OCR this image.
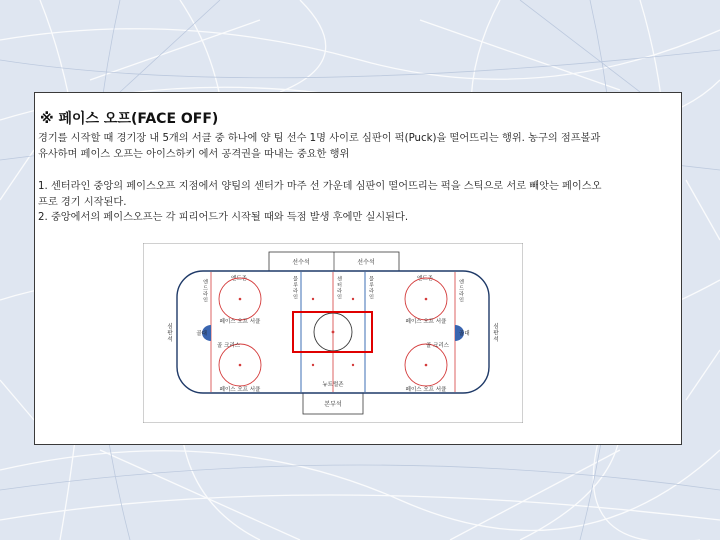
※ 페이스 오프(FACE OFF)

경기를 시작할 때 경기장 내 5개의 서클 중 하나에 양 팀 선수 1명 사이로 심판이 퍽(Puck)을 떨어뜨리는 행위. 농구의 점프볼과
유사하며 페이스 오프는 아이스하키 에서 공격권을 따내는 중요한 행위

1. 센터라인 중앙의 페이스오프 지점에서 양팀의 센터가 마주 선 가운데 심판이 떨어뜨리는 퍽을 스틱으로 서로 빼앗는 페이스오
프로 경기 시작된다.
2. 중앙에서의 페이스오프는 각 피리어드가 시작될 때와 득점 발생 후에만 실시된다.

선수석	선수석
본부석
엔드라인	엔드라인
블루라인	센터라인	블루라인
엔드존	엔드존
심판석	심판석
페이스 오프 서클	페이스 오프 서클
페이스 오프 서클	페이스 오프 서클
골대	골대
골 크리스	골 크리스
뉴트럴존
